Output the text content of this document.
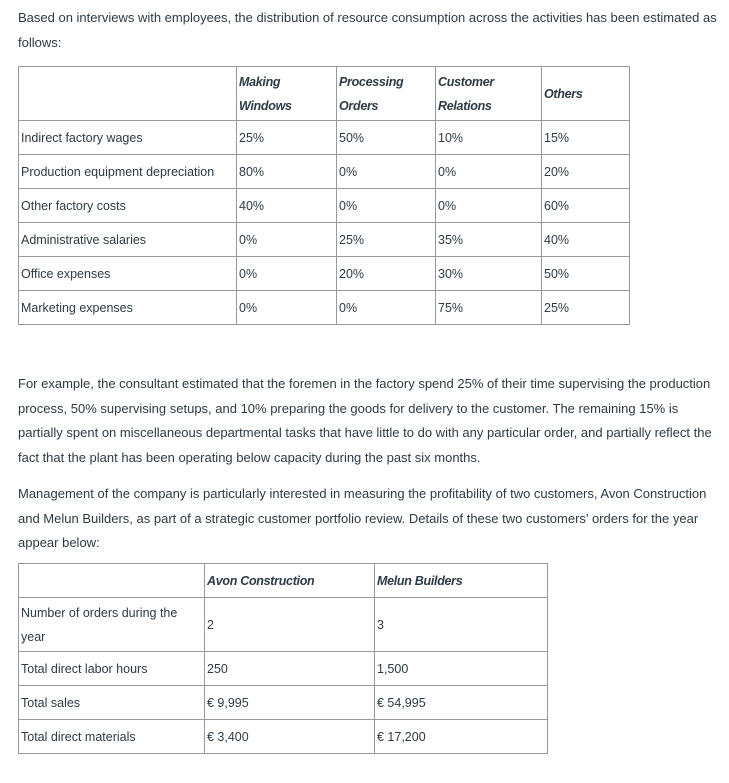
Based on interviews with employees, the distribution of resource consumption across the activities has been estimated as follows:

	Making Windows	Processing Orders	Customer Relations	Others
Indirect factory wages	25%	50%	10%	15%
Production equipment depreciation	80%	0%	0%	20%
Other factory costs	40%	0%	0%	60%
Administrative salaries	0%	25%	35%	40%
Office expenses	0%	20%	30%	50%
Marketing expenses	0%	0%	75%	25%

For example, the consultant estimated that the foremen in the factory spend 25% of their time supervising the production process, 50% supervising setups, and 10% preparing the goods for delivery to the customer. The remaining 15% is partially spent on miscellaneous departmental tasks that have little to do with any particular order, and partially reflect the fact that the plant has been operating below capacity during the past six months.

Management of the company is particularly interested in measuring the profitability of two customers, Avon Construction and Melun Builders, as part of a strategic customer portfolio review. Details of these two customers’ orders for the year appear below:

	Avon Construction	Melun Builders
Number of orders during the year	2	3
Total direct labor hours	250	1,500
Total sales	€ 9,995	€ 54,995
Total direct materials	€ 3,400	€ 17,200
